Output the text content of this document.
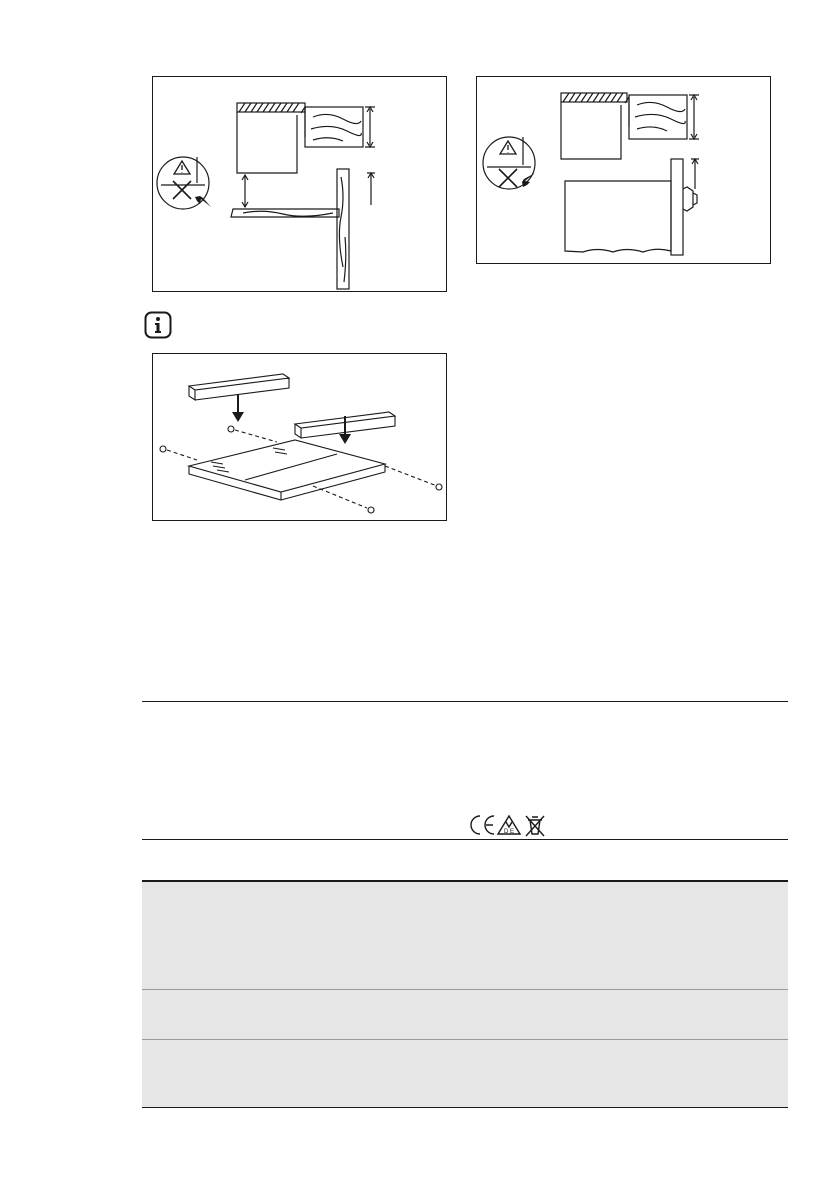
D E
